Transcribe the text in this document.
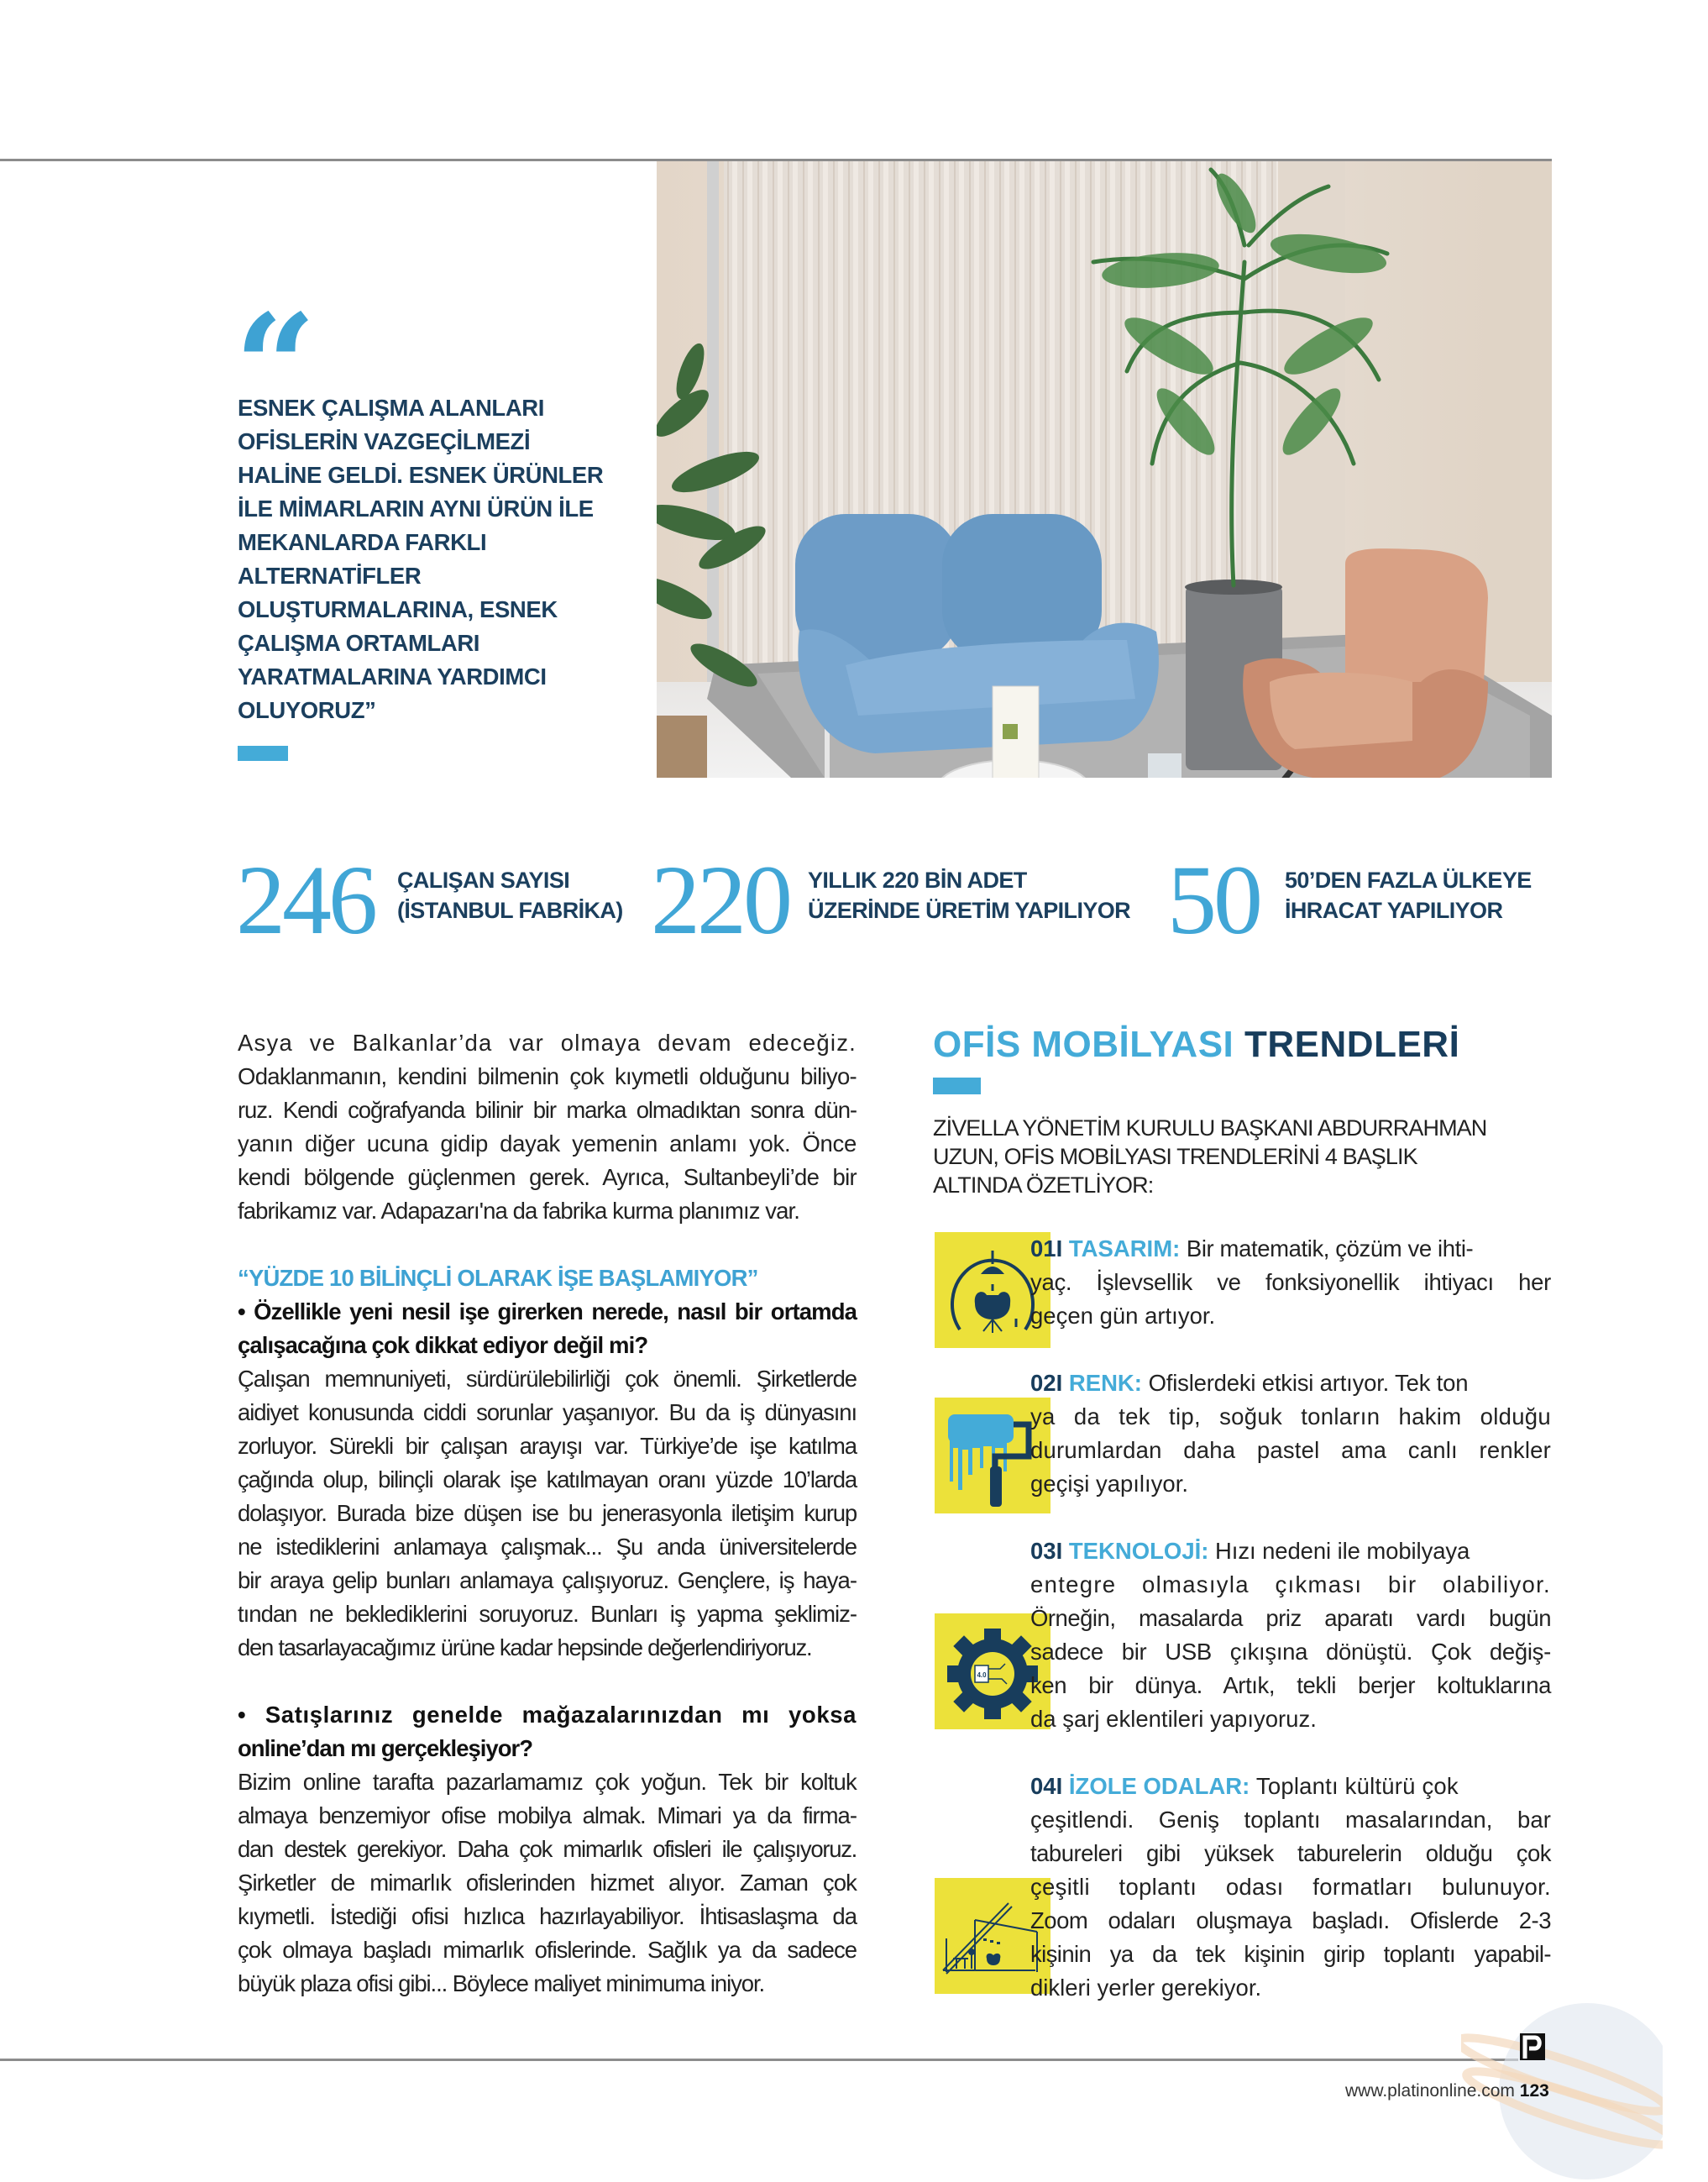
“
ESNEK ÇALIŞMA ALANLARI
OFİSLERİN VAZGEÇİLMEZİ
HALİNE GELDİ. ESNEK ÜRÜNLER
İLE MİMARLARIN AYNI ÜRÜN İLE
MEKANLARDA FARKLI
ALTERNATİFLER
OLUŞTURMALARINA, ESNEK
ÇALIŞMA ORTAMLARI
YARATMALARINA YARDIMCI
OLUYORUZ”
246 ÇALIŞAN SAYISI
(İSTANBUL FABRİKA) 220 YILLIK 220 BİN ADET
ÜZERİNDE ÜRETİM YAPILIYOR 50 50’DEN FAZLA ÜLKEYE
İHRACAT YAPILIYOR
Asya ve Balkanlar’da var olmaya devam edeceğiz.
Odaklanmanın, kendini bilmenin çok kıymetli olduğunu biliyo-
ruz. Kendi coğrafyanda bilinir bir marka olmadıktan sonra dün-
yanın diğer ucuna gidip dayak yemenin anlamı yok. Önce
kendi bölgende güçlenmen gerek. Ayrıca, Sultanbeyli’de bir
fabrikamız var. Adapazarı'na da fabrika kurma planımız var.
“YÜZDE 10 BİLİNÇLİ OLARAK İŞE BAŞLAMIYOR”
• Özellikle yeni nesil işe girerken nerede, nasıl bir ortamda
çalışacağına çok dikkat ediyor değil mi?
Çalışan memnuniyeti, sürdürülebilirliği çok önemli. Şirketlerde
aidiyet konusunda ciddi sorunlar yaşanıyor. Bu da iş dünyasını
zorluyor. Sürekli bir çalışan arayışı var. Türkiye’de işe katılma
çağında olup, bilinçli olarak işe katılmayan oranı yüzde 10’larda
dolaşıyor. Burada bize düşen ise bu jenerasyonla iletişim kurup
ne istediklerini anlamaya çalışmak... Şu anda üniversitelerde
bir araya gelip bunları anlamaya çalışıyoruz. Gençlere, iş haya-
tından ne beklediklerini soruyoruz. Bunları iş yapma şeklimiz-
den tasarlayacağımız ürüne kadar hepsinde değerlendiriyoruz.
• Satışlarınız genelde mağazalarınızdan mı yoksa
online’dan mı gerçekleşiyor?
Bizim online tarafta pazarlamamız çok yoğun. Tek bir koltuk
almaya benzemiyor ofise mobilya almak. Mimari ya da firma-
dan destek gerekiyor. Daha çok mimarlık ofisleri ile çalışıyoruz.
Şirketler de mimarlık ofislerinden hizmet alıyor. Zaman çok
kıymetli. İstediği ofisi hızlıca hazırlayabiliyor. İhtisaslaşma da
çok olmaya başladı mimarlık ofislerinde. Sağlık ya da sadece
büyük plaza ofisi gibi... Böylece maliyet minimuma iniyor.
OFİS MOBİLYASI TRENDLERİ
ZİVELLA YÖNETİM KURULU BAŞKANI ABDURRAHMAN
UZUN, OFİS MOBİLYASI TRENDLERİNİ 4 BAŞLIK
ALTINDA ÖZETLİYOR:
01I TASARIM: Bir matematik, çözüm ve ihti-

yaç. İşlevsellik ve fonksiyonellik ihtiyacı her
geçen gün artıyor.
02I RENK: Ofislerdeki etkisi artıyor. Tek ton

ya da tek tip, soğuk tonların hakim olduğu
durumlardan daha pastel ama canlı renkler
geçişi yapılıyor.
4.0
03I TEKNOLOJİ: Hızı nedeni ile mobilyaya

entegre olmasıyla çıkması bir olabiliyor.
Örneğin, masalarda priz aparatı vardı bugün
sadece bir USB çıkışına dönüştü. Çok değiş-
ken bir dünya. Artık, tekli berjer koltuklarına
da şarj eklentileri yapıyoruz.
04I İZOLE ODALAR: Toplantı kültürü çok

çeşitlendi. Geniş toplantı masalarından, bar
tabureleri gibi yüksek taburelerin olduğu çok
çeşitli toplantı odası formatları bulunuyor.
Zoom odaları oluşmaya başladı. Ofislerde 2-3
kişinin ya da tek kişinin girip toplantı yapabil-
dikleri yerler gerekiyor.
www.platinonline.com 123
